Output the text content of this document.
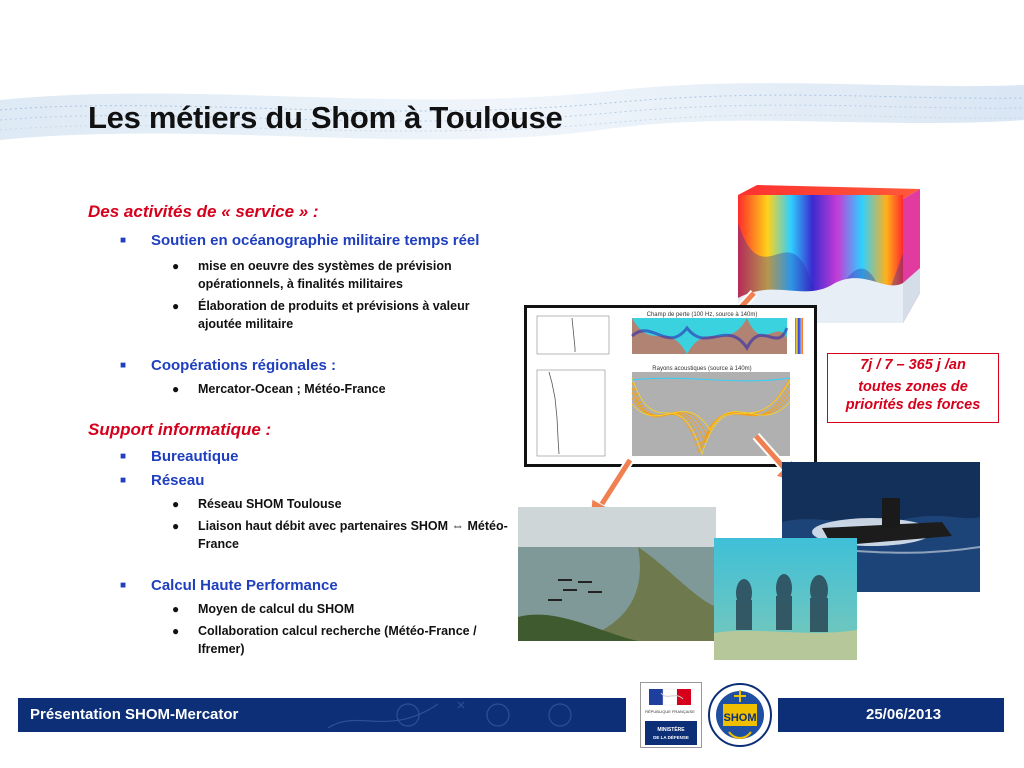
Les métiers du Shom à Toulouse

Des activités de « service » :

■ Soutien en océanographie militaire temps réel
● mise en oeuvre des systèmes de prévision opérationnels, à finalités militaires
● Élaboration de produits et prévisions à valeur ajoutée militaire
■ Coopérations régionales :
● Mercator-Ocean ; Météo-France

Support informatique :

■ Bureautique
■ Réseau
● Réseau SHOM Toulouse
● Liaison haut débit avec partenaires SHOM ⇔ Météo-France
■ Calcul Haute Performance
● Moyen de calcul du SHOM
● Collaboration calcul recherche (Météo-France / Ifremer)
Champ de perte (100 Hz, source à 140m)
Rayons acoustiques (source à 140m)	7j / 7 – 365 j /an
toutes zones de priorités des forces
Présentation SHOM-Mercator	25/06/2013
RÉPUBLIQUE FRANÇAISE
MINISTÈRE
DE LA DÉFENSE
SHOM
